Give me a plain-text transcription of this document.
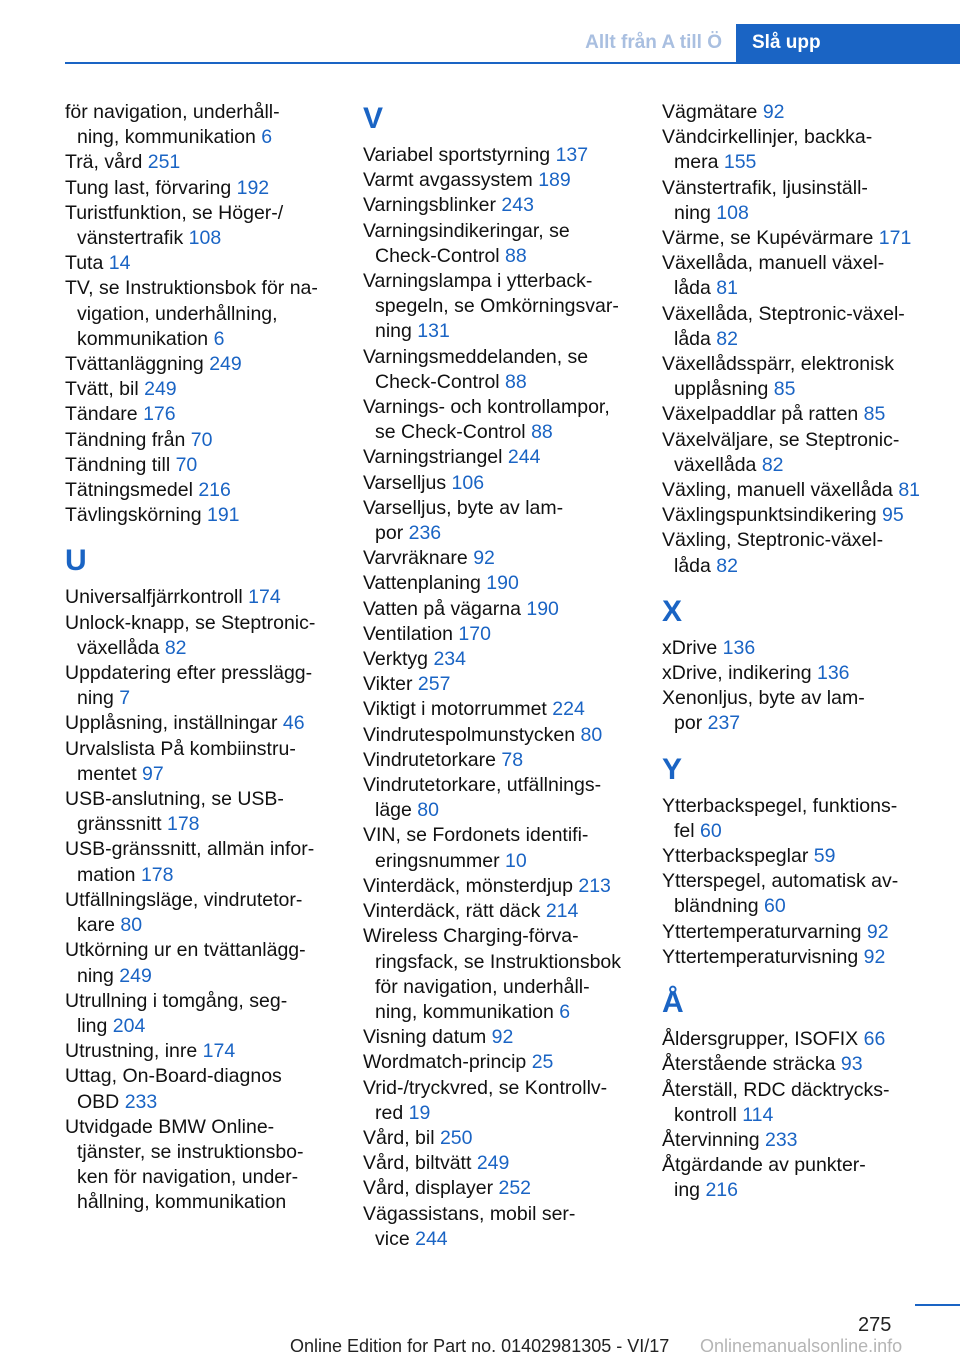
Allt från A till Ö	Slå upp
för navigation, underhåll-
ning, kommunikation 6
Trä, vård 251
Tung last, förvaring 192
Turistfunktion, se Höger-/
vänstertrafik 108
Tuta 14
TV, se Instruktionsbok för na-
vigation, underhållning,
kommunikation 6
Tvättanläggning 249
Tvätt, bil 249
Tändare 176
Tändning från 70
Tändning till 70
Tätningsmedel 216
Tävlingskörning 191
U
Universalfjärrkontroll 174
Unlock-knapp, se Steptronic-
växellåda 82
Uppdatering efter presslägg-
ning 7
Upplåsning, inställningar 46
Urvalslista På kombiinstru-
mentet 97
USB-anslutning, se USB-
gränssnitt 178
USB-gränssnitt, allmän infor-
mation 178
Utfällningsläge, vindrutetor-
kare 80
Utkörning ur en tvättanlägg-
ning 249
Utrullning i tomgång, seg-
ling 204
Utrustning, inre 174
Uttag, On-Board-diagnos
OBD 233
Utvidgade BMW Online-
tjänster, se instruktionsbo-
ken för navigation, under-
hållning, kommunikation
V
Variabel sportstyrning 137
Varmt avgassystem 189
Varningsblinker 243
Varningsindikeringar, se
Check-Control 88
Varningslampa i ytterback-
spegeln, se Omkörningsvar-
ning 131
Varningsmeddelanden, se
Check-Control 88
Varnings- och kontrollampor,
se Check-Control 88
Varningstriangel 244
Varselljus 106
Varselljus, byte av lam-
por 236
Varvräknare 92
Vattenplaning 190
Vatten på vägarna 190
Ventilation 170
Verktyg 234
Vikter 257
Viktigt i motorrummet 224
Vindrutespolmunstycken 80
Vindrutetorkare 78
Vindrutetorkare, utfällnings-
läge 80
VIN, se Fordonets identifi-
eringsnummer 10
Vinterdäck, mönsterdjup 213
Vinterdäck, rätt däck 214
Wireless Charging-förva-
ringsfack, se Instruktionsbok
för navigation, underhåll-
ning, kommunikation 6
Visning datum 92
Wordmatch-princip 25
Vrid-/tryckvred, se Kontrollv-
red 19
Vård, bil 250
Vård, biltvätt 249
Vård, displayer 252
Vägassistans, mobil ser-
vice 244
Vägmätare 92
Vändcirkellinjer, backka-
mera 155
Vänstertrafik, ljusinställ-
ning 108
Värme, se Kupévärmare 171
Växellåda, manuell växel-
låda 81
Växellåda, Steptronic-växel-
låda 82
Växellådsspärr, elektronisk
upplåsning 85
Växelpaddlar på ratten 85
Växelväljare, se Steptronic-
växellåda 82
Växling, manuell växellåda 81
Växlingspunktsindikering 95
Växling, Steptronic-växel-
låda 82
X
xDrive 136
xDrive, indikering 136
Xenonljus, byte av lam-
por 237
Y
Ytterbackspegel, funktions-
fel 60
Ytterbackspeglar 59
Ytterspegel, automatisk av-
bländning 60
Yttertemperaturvarning 92
Yttertemperaturvisning 92
Å
Åldersgrupper, ISOFIX 66
Återstående sträcka 93
Återställ, RDC däcktrycks-
kontroll 114
Återvinning 233
Åtgärdande av punkter-
ing 216
275
Online Edition for Part no. 01402981305 - VI/17 Onlinemanualsonline.info
